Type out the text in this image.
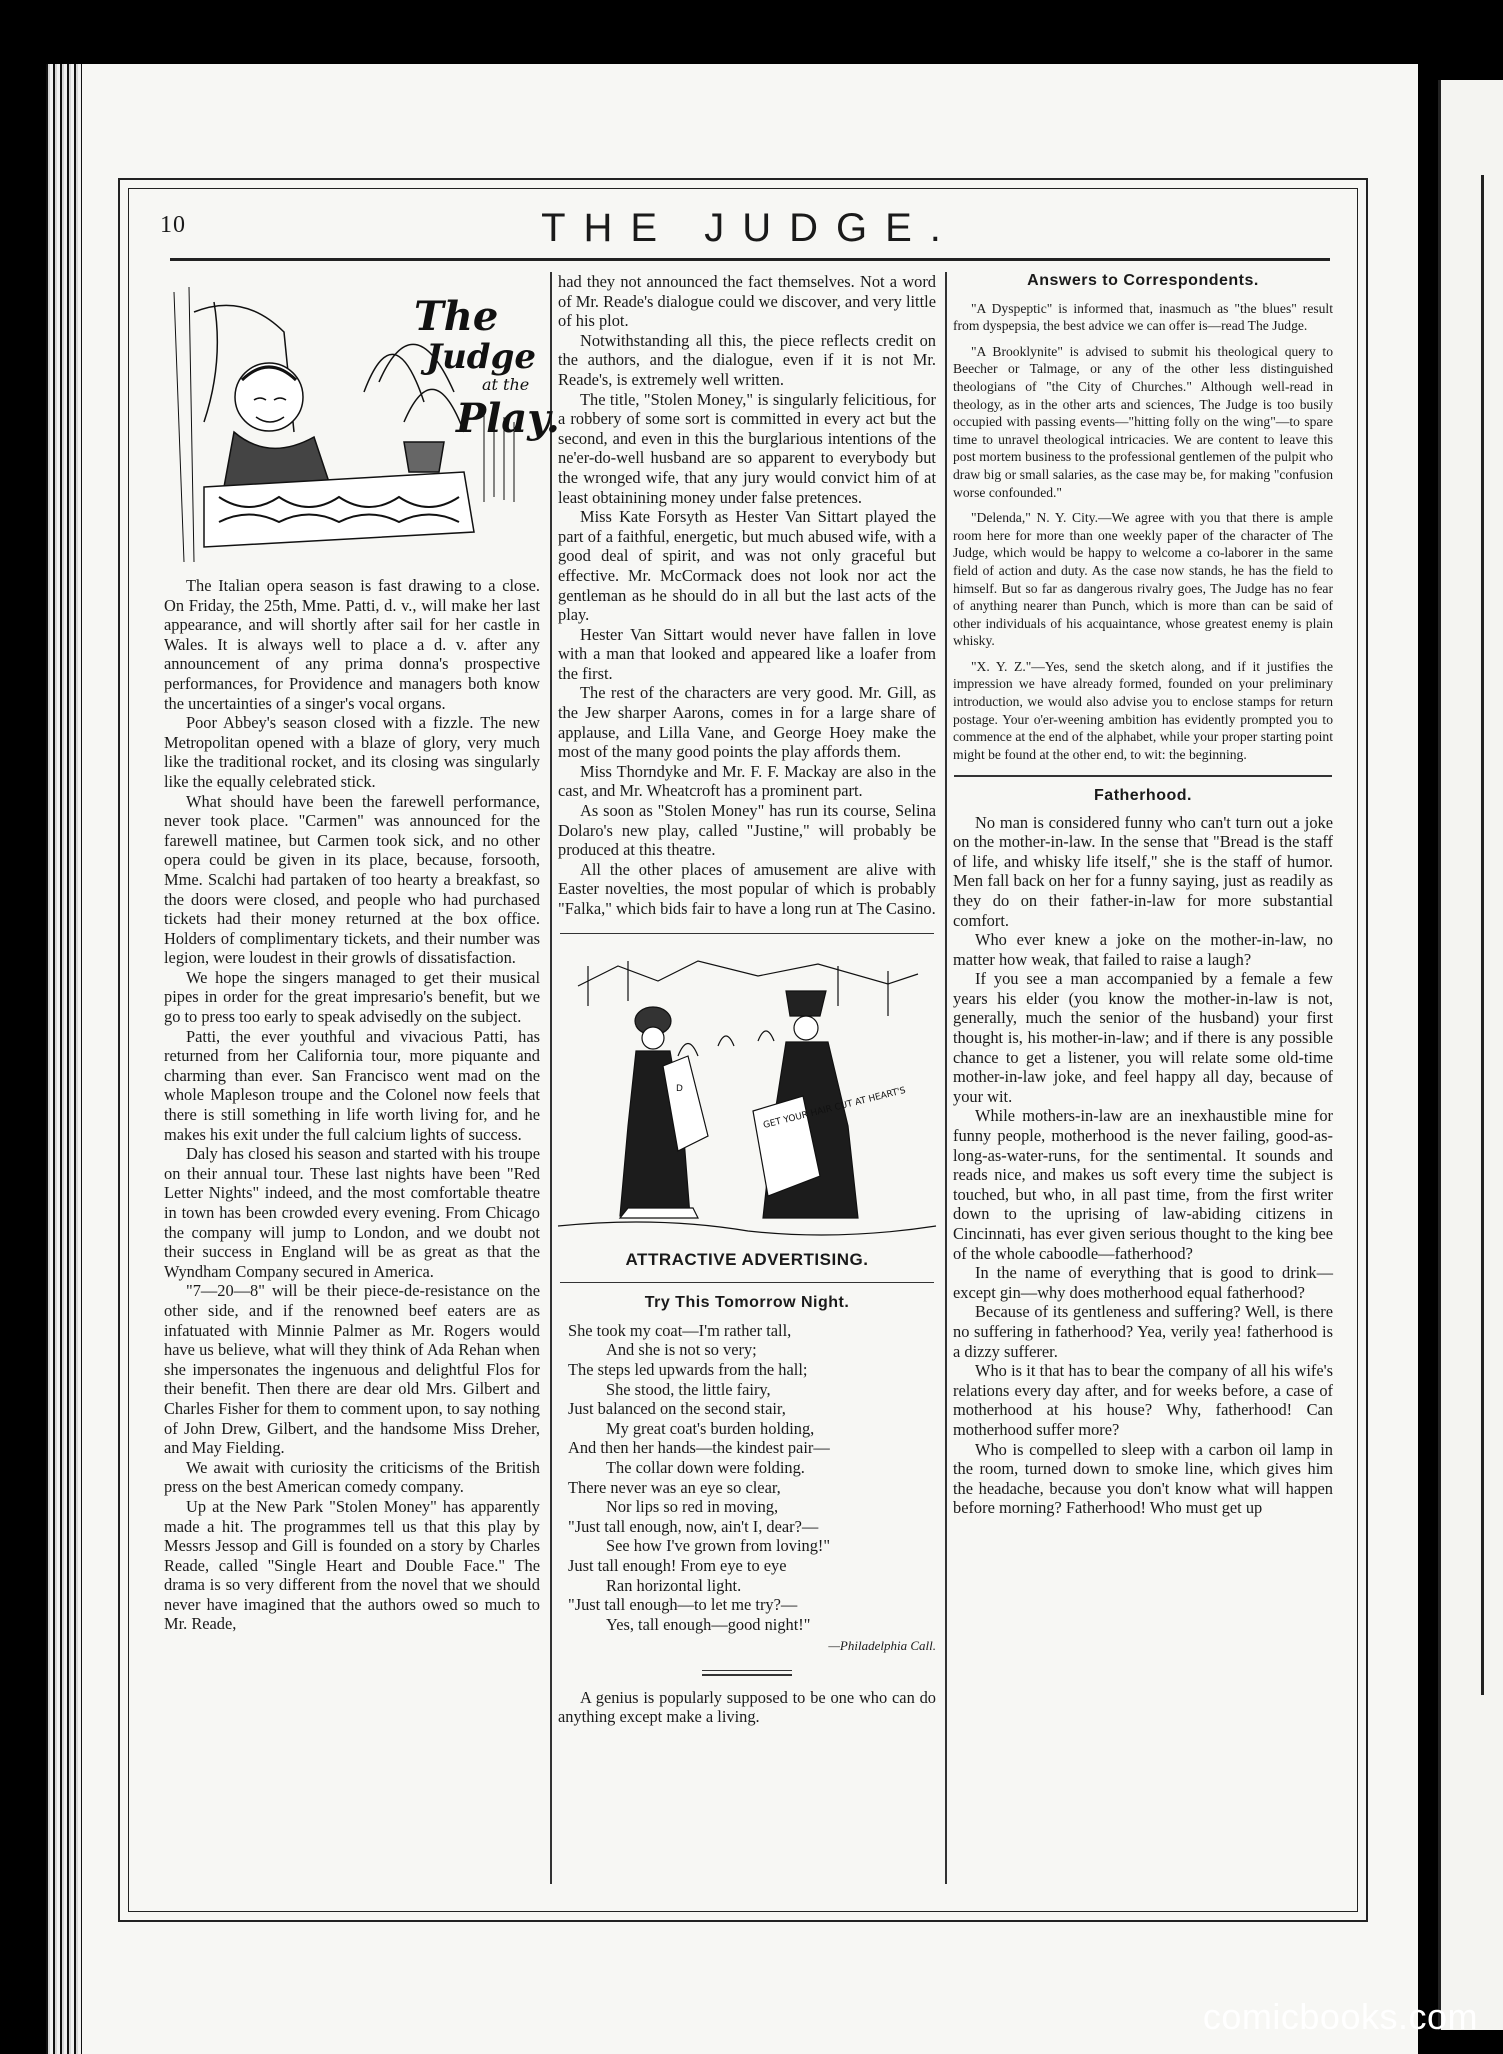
10	THE JUDGE.
The
Judge
at the
Play.

The Italian opera season is fast drawing to a close. On Friday, the 25th, Mme. Patti, d. v., will make her last appearance, and will shortly after sail for her castle in Wales. It is always well to place a d. v. after any announcement of any prima donna's prospective performances, for Providence and managers both know the uncertainties of a singer's vocal organs.

Poor Abbey's season closed with a fizzle. The new Metropolitan opened with a blaze of glory, very much like the traditional rocket, and its closing was singularly like the equally celebrated stick.

What should have been the farewell performance, never took place. "Carmen" was announced for the farewell matinee, but Carmen took sick, and no other opera could be given in its place, because, forsooth, Mme. Scalchi had partaken of too hearty a breakfast, so the doors were closed, and people who had purchased tickets had their money returned at the box office. Holders of complimentary tickets, and their number was legion, were loudest in their growls of dissatisfaction.

We hope the singers managed to get their musical pipes in order for the great impresario's benefit, but we go to press too early to speak advisedly on the subject.

Patti, the ever youthful and vivacious Patti, has returned from her California tour, more piquante and charming than ever. San Francisco went mad on the whole Mapleson troupe and the Colonel now feels that there is still something in life worth living for, and he makes his exit under the full calcium lights of success.

Daly has closed his season and started with his troupe on their annual tour. These last nights have been "Red Letter Nights" indeed, and the most comfortable theatre in town has been crowded every evening. From Chicago the company will jump to London, and we doubt not their success in England will be as great as that the Wyndham Company secured in America.

"7—20—8" will be their piece-de-resistance on the other side, and if the renowned beef eaters are as infatuated with Minnie Palmer as Mr. Rogers would have us believe, what will they think of Ada Rehan when she impersonates the ingenuous and delightful Flos for their benefit. Then there are dear old Mrs. Gilbert and Charles Fisher for them to comment upon, to say nothing of John Drew, Gilbert, and the handsome Miss Dreher, and May Fielding.

We await with curiosity the criticisms of the British press on the best American comedy company.

Up at the New Park "Stolen Money" has apparently made a hit. The programmes tell us that this play by Messrs Jessop and Gill is founded on a story by Charles Reade, called "Single Heart and Double Face." The drama is so very different from the novel that we should never have imagined that the authors owed so much to Mr. Reade,

had they not announced the fact themselves. Not a word of Mr. Reade's dialogue could we discover, and very little of his plot.

Notwithstanding all this, the piece reflects credit on the authors, and the dialogue, even if it is not Mr. Reade's, is extremely well written.

The title, "Stolen Money," is singularly felicitious, for a robbery of some sort is committed in every act but the second, and even in this the burglarious intentions of the ne'er-do-well husband are so apparent to everybody but the wronged wife, that any jury would convict him of at least obtainining money under false pretences.

Miss Kate Forsyth as Hester Van Sittart played the part of a faithful, energetic, but much abused wife, with a good deal of spirit, and was not only graceful but effective. Mr. McCormack does not look nor act the gentleman as he should do in all but the last acts of the play.

Hester Van Sittart would never have fallen in love with a man that looked and appeared like a loafer from the first.

The rest of the characters are very good. Mr. Gill, as the Jew sharper Aarons, comes in for a large share of applause, and Lilla Vane, and George Hoey make the most of the many good points the play affords them.

Miss Thorndyke and Mr. F. F. Mackay are also in the cast, and Mr. Wheatcroft has a prominent part.

As soon as "Stolen Money" has run its course, Selina Dolaro's new play, called "Justine," will probably be produced at this theatre.

All the other places of amusement are alive with Easter novelties, the most popular of which is probably "Falka," which bids fair to have a long run at The Casino.

D	GET YOUR HAIR CUT AT HEART'S
ATTRACTIVE ADVERTISING.
Try This Tomorrow Night.
She took my coat—I'm rather tall,
And she is not so very;
The steps led upwards from the hall;
She stood, the little fairy,
Just balanced on the second stair,
My great coat's burden holding,
And then her hands—the kindest pair—
The collar down were folding.
There never was an eye so clear,
Nor lips so red in moving,
"Just tall enough, now, ain't I, dear?—
See how I've grown from loving!"
Just tall enough! From eye to eye
Ran horizontal light.
"Just tall enough—to let me try?—
Yes, tall enough—good night!"
—Philadelphia Call.

A genius is popularly supposed to be one who can do anything except make a living.

Answers to Correspondents.

"A Dyspeptic" is informed that, inasmuch as "the blues" result from dyspepsia, the best advice we can offer is—read The Judge.

"A Brooklynite" is advised to submit his theological query to Beecher or Talmage, or any of the other less distinguished theologians of "the City of Churches." Although well-read in theology, as in the other arts and sciences, The Judge is too busily occupied with passing events—"hitting folly on the wing"—to spare time to unravel theological intricacies. We are content to leave this post mortem business to the professional gentlemen of the pulpit who draw big or small salaries, as the case may be, for making "confusion worse confounded."

"Delenda," N. Y. City.—We agree with you that there is ample room here for more than one weekly paper of the character of The Judge, which would be happy to welcome a co-laborer in the same field of action and duty. As the case now stands, he has the field to himself. But so far as dangerous rivalry goes, The Judge has no fear of anything nearer than Punch, which is more than can be said of other individuals of his acquaintance, whose greatest enemy is plain whisky.

"X. Y. Z."—Yes, send the sketch along, and if it justifies the impression we have already formed, founded on your preliminary introduction, we would also advise you to enclose stamps for return postage. Your o'er-weening ambition has evidently prompted you to commence at the end of the alphabet, while your proper starting point might be found at the other end, to wit: the beginning.

Fatherhood.

No man is considered funny who can't turn out a joke on the mother-in-law. In the sense that "Bread is the staff of life, and whisky life itself," she is the staff of humor. Men fall back on her for a funny saying, just as readily as they do on their father-in-law for more substantial comfort.

Who ever knew a joke on the mother-in-law, no matter how weak, that failed to raise a laugh?

If you see a man accompanied by a female a few years his elder (you know the mother-in-law is not, generally, much the senior of the husband) your first thought is, his mother-in-law; and if there is any possible chance to get a listener, you will relate some old-time mother-in-law joke, and feel happy all day, because of your wit.

While mothers-in-law are an inexhaustible mine for funny people, motherhood is the never failing, good-as-long-as-water-runs, for the sentimental. It sounds and reads nice, and makes us soft every time the subject is touched, but who, in all past time, from the first writer down to the uprising of law-abiding citizens in Cincinnati, has ever given serious thought to the king bee of the whole caboodle—fatherhood?

In the name of everything that is good to drink—except gin—why does motherhood equal fatherhood?

Because of its gentleness and suffering? Well, is there no suffering in fatherhood? Yea, verily yea! fatherhood is a dizzy sufferer.

Who is it that has to bear the company of all his wife's relations every day after, and for weeks before, a case of motherhood at his house? Why, fatherhood! Can motherhood suffer more?

Who is compelled to sleep with a carbon oil lamp in the room, turned down to smoke line, which gives him the headache, because you don't know what will happen before morning? Fatherhood! Who must get up

comicbooks.com
